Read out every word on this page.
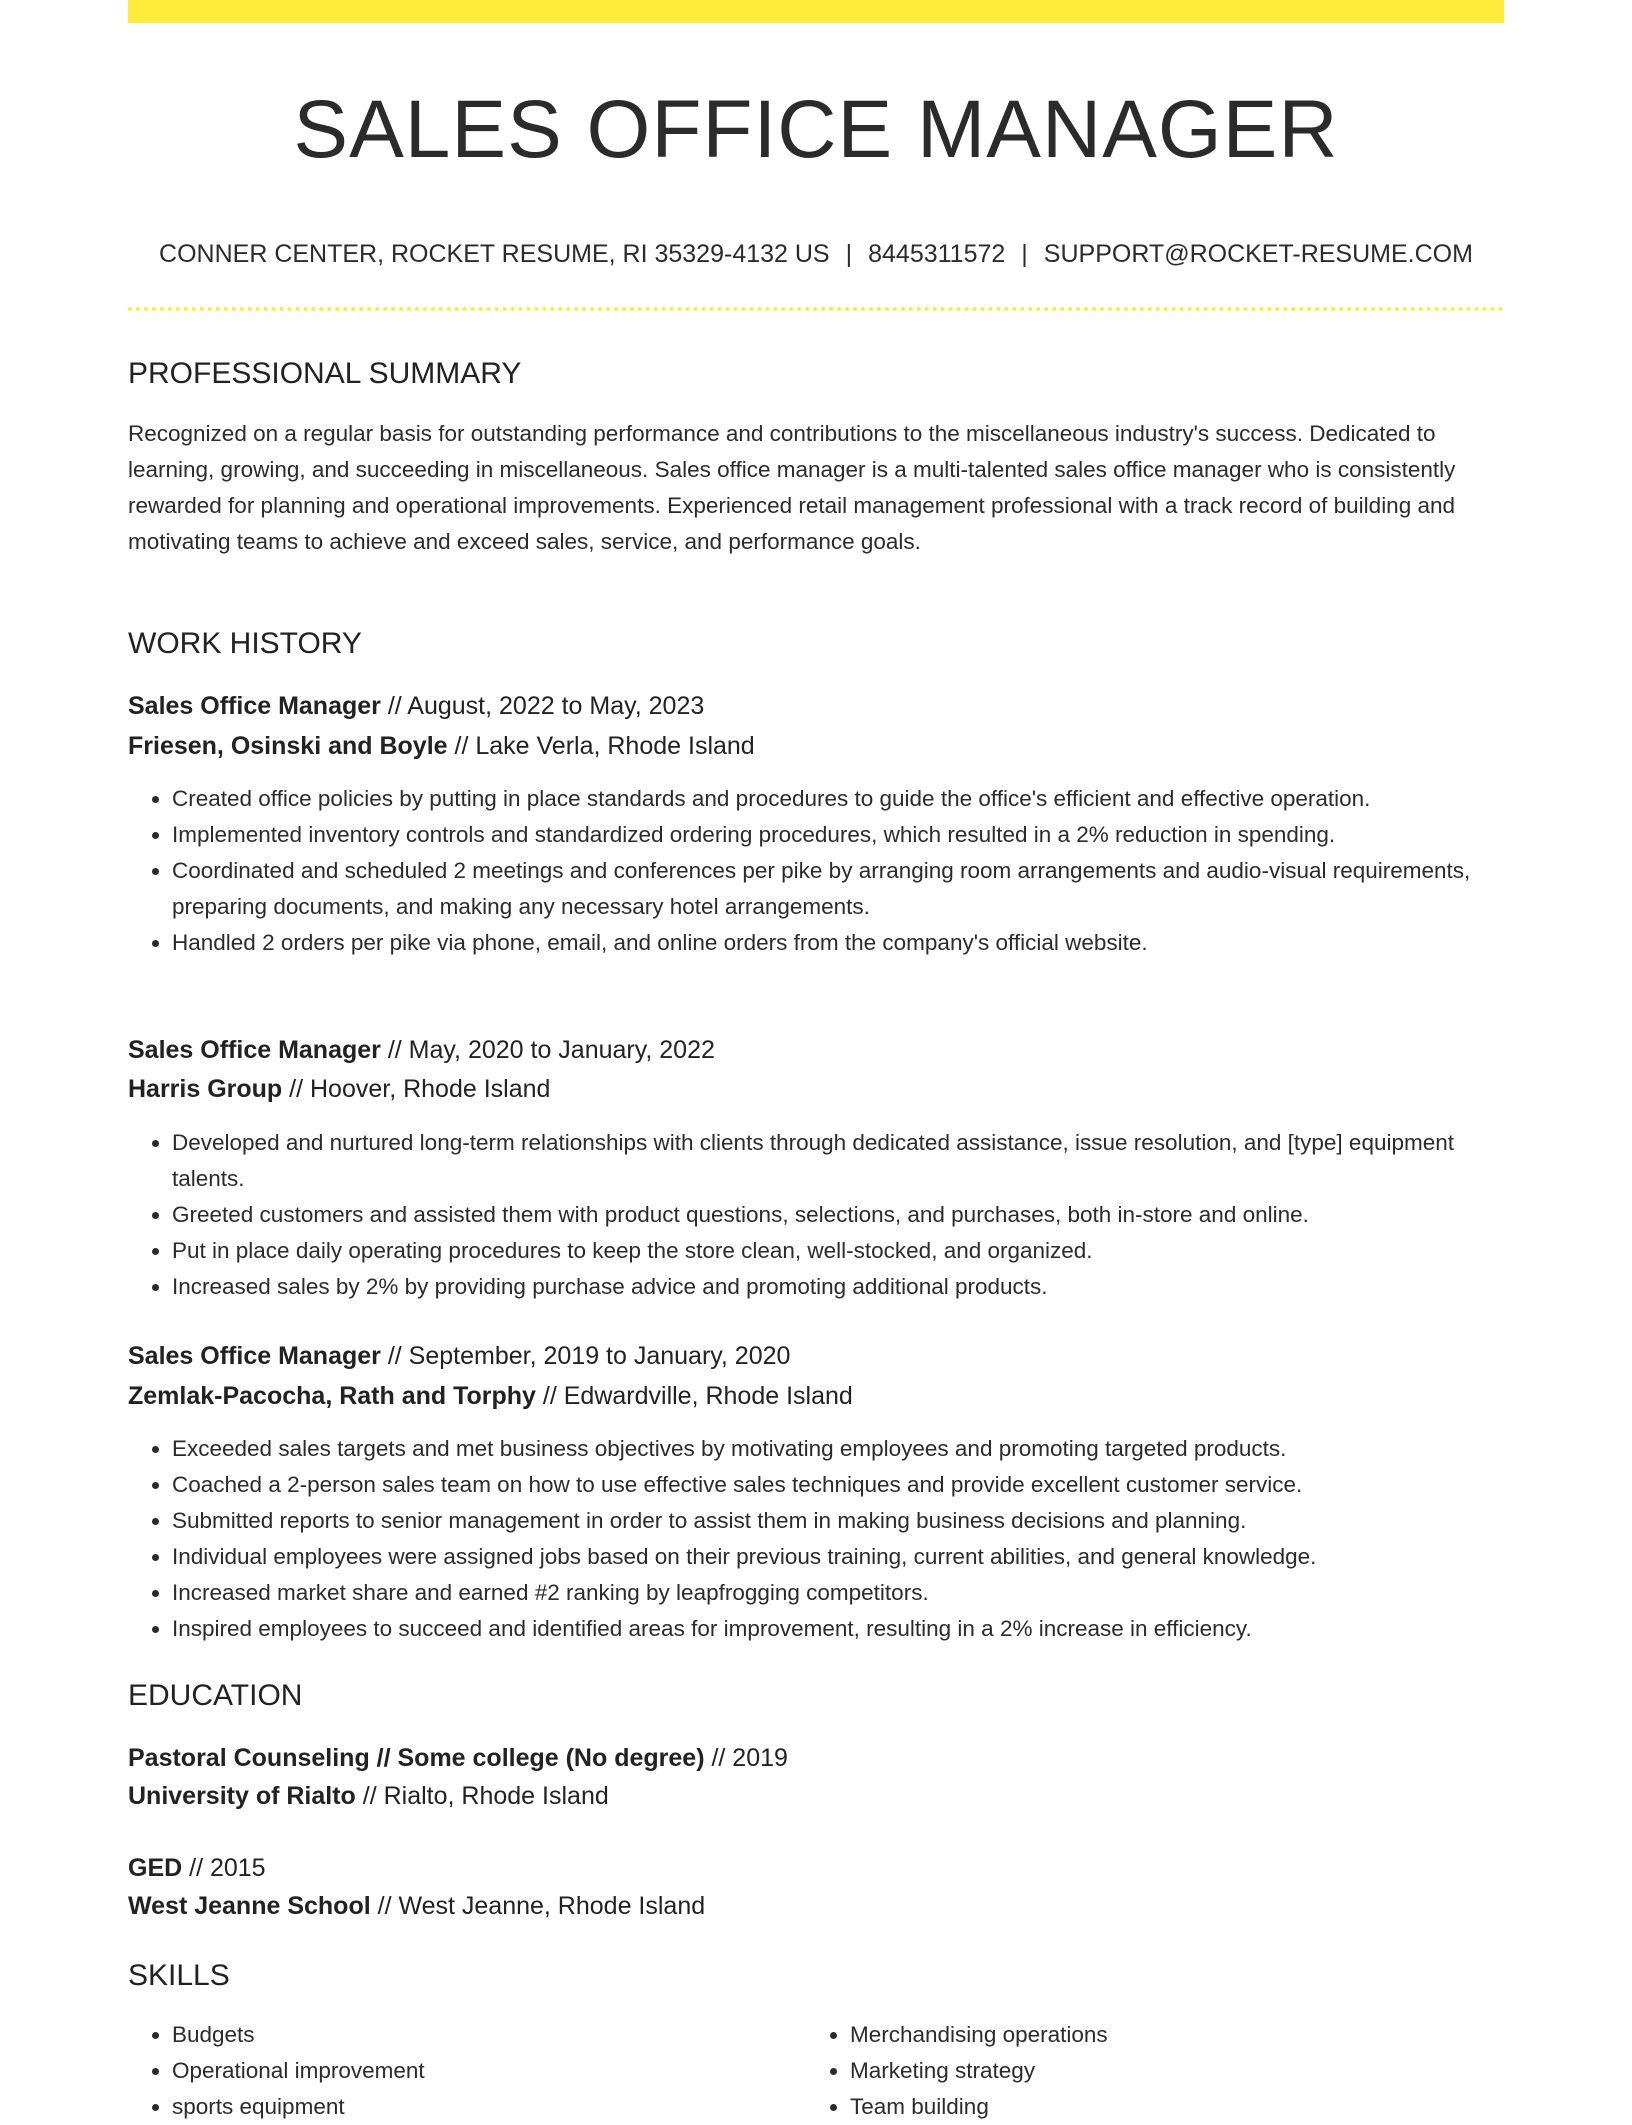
SALES OFFICE MANAGER
CONNER CENTER, ROCKET RESUME, RI 35329-4132 US | 8445311572 | SUPPORT@ROCKET-RESUME.COM
PROFESSIONAL SUMMARY

Recognized on a regular basis for outstanding performance and contributions to the miscellaneous industry's success. Dedicated to learning, growing, and succeeding in miscellaneous. Sales office manager is a multi-talented sales office manager who is consistently rewarded for planning and operational improvements. Experienced retail management professional with a track record of building and motivating teams to achieve and exceed sales, service, and performance goals.

WORK HISTORY
Sales Office Manager // August, 2022 to May, 2023
Friesen, Osinski and Boyle // Lake Verla, Rhode Island
• Created office policies by putting in place standards and procedures to guide the office's efficient and effective operation.
• Implemented inventory controls and standardized ordering procedures, which resulted in a 2% reduction in spending.
• Coordinated and scheduled 2 meetings and conferences per pike by arranging room arrangements and audio-visual requirements, preparing documents, and making any necessary hotel arrangements.
• Handled 2 orders per pike via phone, email, and online orders from the company's official website.
Sales Office Manager // May, 2020 to January, 2022
Harris Group // Hoover, Rhode Island
• Developed and nurtured long-term relationships with clients through dedicated assistance, issue resolution, and [type] equipment talents.
• Greeted customers and assisted them with product questions, selections, and purchases, both in-store and online.
• Put in place daily operating procedures to keep the store clean, well-stocked, and organized.
• Increased sales by 2% by providing purchase advice and promoting additional products.
Sales Office Manager // September, 2019 to January, 2020
Zemlak-Pacocha, Rath and Torphy // Edwardville, Rhode Island
• Exceeded sales targets and met business objectives by motivating employees and promoting targeted products.
• Coached a 2-person sales team on how to use effective sales techniques and provide excellent customer service.
• Submitted reports to senior management in order to assist them in making business decisions and planning.
• Individual employees were assigned jobs based on their previous training, current abilities, and general knowledge.
• Increased market share and earned #2 ranking by leapfrogging competitors.
• Inspired employees to succeed and identified areas for improvement, resulting in a 2% increase in efficiency.
EDUCATION
Pastoral Counseling // Some college (No degree) // 2019
University of Rialto // Rialto, Rhode Island
GED // 2015
West Jeanne School // West Jeanne, Rhode Island
SKILLS
• Budgets
• Operational improvement
• sports equipment
• Merchandising operations
• Marketing strategy
• Team building
